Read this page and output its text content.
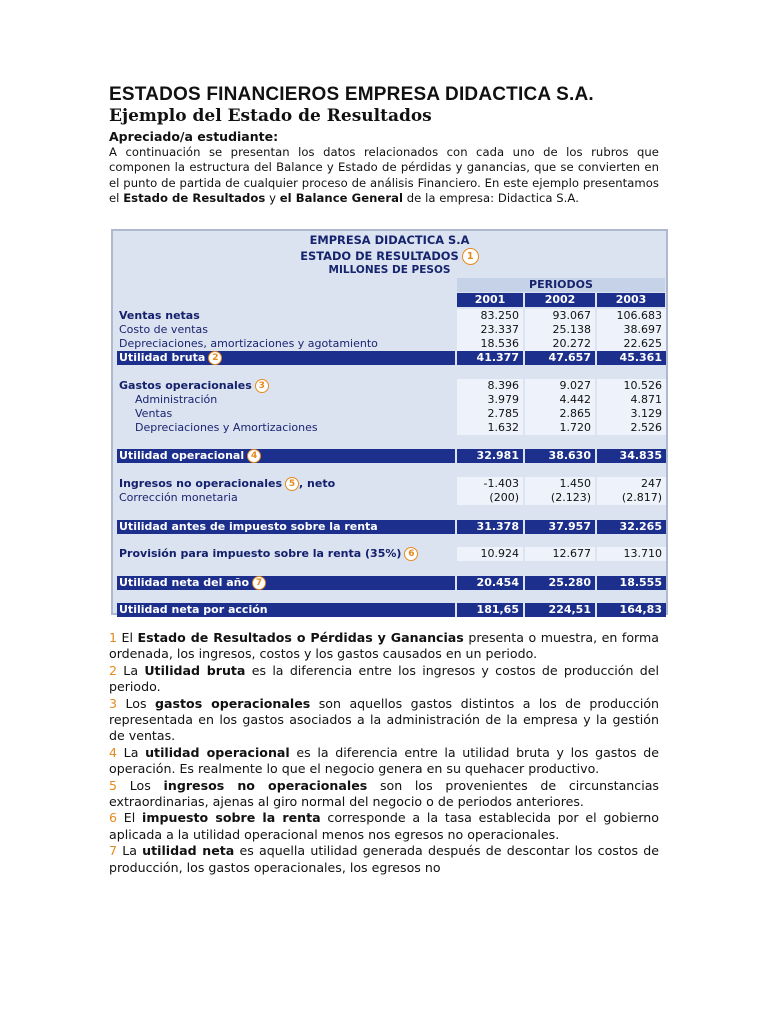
ESTADOS FINANCIEROS EMPRESA DIDACTICA S.A.
Ejemplo del Estado de Resultados
Apreciado/a estudiante:

A continuación se presentan los datos relacionados con cada uno de los rubros que componen la estructura del Balance y Estado de pérdidas y ganancias, que se convierten en el punto de partida de cualquier proceso de análisis Financiero. En este ejemplo presentamos el Estado de Resultados y el Balance General de la empresa: Didactica S.A.

EMPRESA DIDACTICA S.A
ESTADO DE RESULTADOS 1
MILLONES DE PESOS
PERIODOS
2001	2002	2003
Ventas netas	83.250	93.067	106.683
Costo de ventas	23.337	25.138	38.697
Depreciaciones, amortizaciones y agotamiento	18.536	20.272	22.625
Utilidad bruta 2	41.377	47.657	45.361
Gastos operacionales 3	8.396	9.027	10.526
Administración	3.979	4.442	4.871
Ventas	2.785	2.865	3.129
Depreciaciones y Amortizaciones	1.632	1.720	2.526
Utilidad operacional 4	32.981	38.630	34.835
Ingresos no operacionales 5 , neto	-1.403	1.450	247
Corrección monetaria	(200)	(2.123)	(2.817)
Utilidad antes de impuesto sobre la renta	31.378	37.957	32.265
Provisión para impuesto sobre la renta (35%) 6	10.924	12.677	13.710
Utilidad neta del año 7	20.454	25.280	18.555
Utilidad neta por acción	181,65	224,51	164,83

1 El Estado de Resultados o Pérdidas y Ganancias presenta o muestra, en forma ordenada, los ingresos, costos y los gastos causados en un periodo.

2 La Utilidad bruta es la diferencia entre los ingresos y costos de producción del periodo.

3 Los gastos operacionales son aquellos gastos distintos a los de producción representada en los gastos asociados a la administración de la empresa y la gestión de ventas.

4 La utilidad operacional es la diferencia entre la utilidad bruta y los gastos de operación. Es realmente lo que el negocio genera en su quehacer productivo.

5 Los ingresos no operacionales son los provenientes de circunstancias extraordinarias, ajenas al giro normal del negocio o de periodos anteriores.

6 El impuesto sobre la renta corresponde a la tasa establecida por el gobierno aplicada a la utilidad operacional menos nos egresos no operacionales.

7 La utilidad neta es aquella utilidad generada después de descontar los costos de producción, los gastos operacionales, los egresos no
